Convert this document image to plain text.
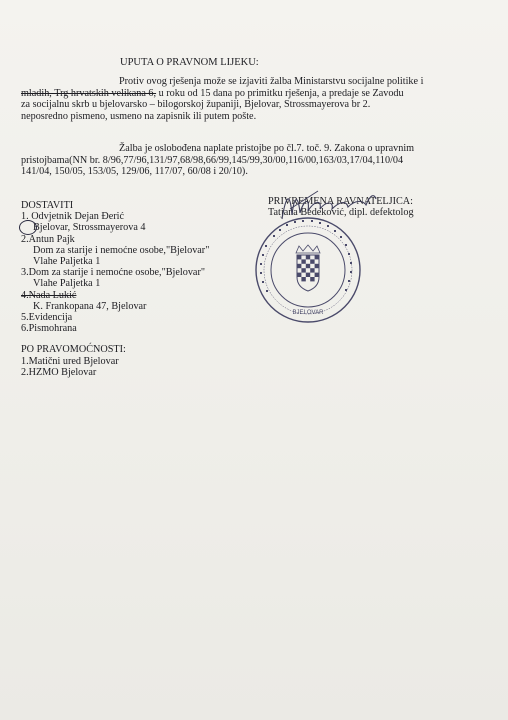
UPUTA O PRAVNOM LIJEKU:
Protiv ovog rješenja može se izjaviti žalba Ministarstvu socijalne politike i
mladih, Trg hrvatskih velikana 6, u roku od 15 dana po primitku rješenja, a predaje se Zavodu
za socijalnu skrb u bjelovarsko – bilogorskoj županiji, Bjelovar, Strossmayerova br 2.
neposredno pismeno, usmeno na zapisnik ili putem pošte.
Žalba je oslobođena naplate pristojbe po čl.7. toč. 9. Zakona o upravnim
pristojbama(NN br. 8/96,77/96,131/97,68/98,66/99,145/99,30/00,116/00,163/03,17/04,110/04
141/04, 150/05, 153/05, 129/06, 117/07, 60/08 i 20/10).
DOSTAVITI
1. Odvjetnik Dejan Đerić
Bjelovar, Strossmayerova 4
2.Antun Pajk
Dom za starije i nemoćne osobe,"Bjelovar"
Vlahe Paljetka 1
3.Dom za starije i nemoćne osobe,"Bjelovar"
Vlahe Paljetka 1
4.Nada Lukić
K. Frankopana 47, Bjelovar
5.Evidencija
6.Pismohrana
PRIVREMENA RAVNATELJICA:
Tatjana Bedeković, dipl. defektolog
BJELOVAR
PO PRAVOMOĆNOSTI:
1.Matični ured Bjelovar
2.HZMO Bjelovar
